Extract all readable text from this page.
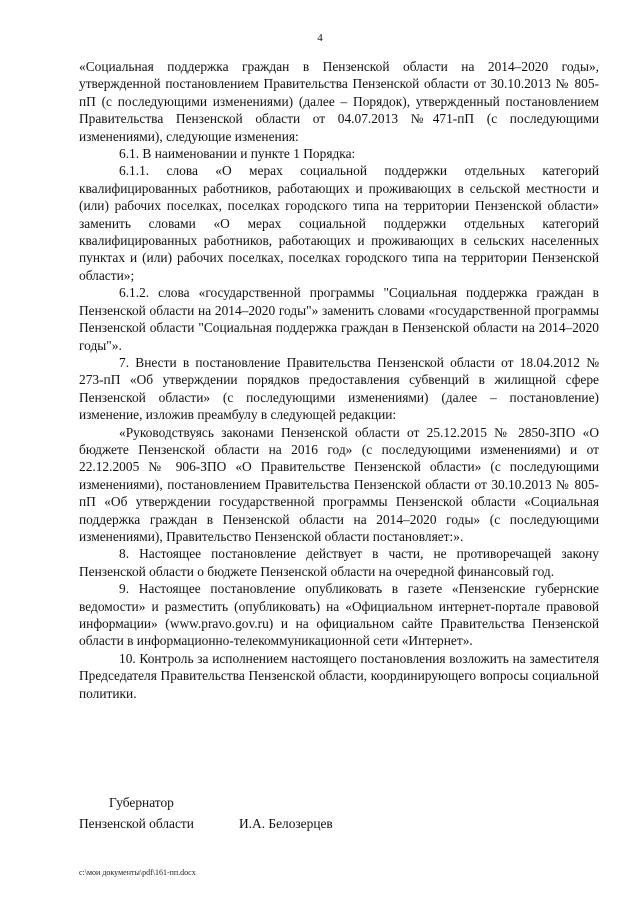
4

«Социальная поддержка граждан в Пензенской области на 2014–2020 годы», утвержденной постановлением Правительства Пензенской области от 30.10.2013 № 805-пП (с последующими изменениями) (далее – Порядок), утвержденный постановлением Правительства Пензенской области от 04.07.2013 №471-пП (с последующими изменениями), следующие изменения:

6.1. В наименовании и пункте 1 Порядка:

6.1.1. слова «О мерах социальной поддержки отдельных категорий квалифицированных работников, работающих и проживающих в сельской местности и (или) рабочих поселках, поселках городского типа на территории Пензенской области» заменить словами «О мерах социальной поддержки отдельных категорий квалифицированных работников, работающих и проживающих в сельских населенных пунктах и (или) рабочих поселках, поселках городского типа на территории Пензенской области»;

6.1.2. слова «государственной программы "Социальная поддержка граждан в Пензенской области на 2014–2020 годы"» заменить словами «государственной программы Пензенской области "Социальная поддержка граждан в Пензенской области на 2014–2020 годы"».

7. Внести в постановление Правительства Пензенской области от 18.04.2012 № 273-пП «Об утверждении порядков предоставления субвенций в жилищной сфере Пензенской области» (с последующими изменениями) (далее – постановление) изменение, изложив преамбулу в следующей редакции:

«Руководствуясь законами Пензенской области от 25.12.2015 № 2850-ЗПО «О бюджете Пензенской области на 2016 год» (с последующими изменениями) и от 22.12.2005 № 906-ЗПО «О Правительстве Пензенской области» (с последующими изменениями), постановлением Правительства Пензенской области от 30.10.2013 № 805-пП «Об утверждении государственной программы Пензенской области «Социальная поддержка граждан в Пензенской области на 2014–2020 годы» (с последующими изменениями), Правительство Пензенской области постановляет:».

8. Настоящее постановление действует в части, не противоречащей закону Пензенской области о бюджете Пензенской области на очередной финансовый год.

9. Настоящее постановление опубликовать в газете «Пензенские губернские ведомости» и разместить (опубликовать) на «Официальном интернет-портале правовой информации» (www.pravo.gov.ru) и на официальном сайте Правительства Пензенской области в информационно-телекоммуникационной сети «Интернет».

10. Контроль за исполнением настоящего постановления возложить на заместителя Председателя Правительства Пензенской области, координирующего вопросы социальной политики.

Губернатор
Пензенской области	И.А. Белозерцев
c:\мои документы\pdf\161-пп.docx
